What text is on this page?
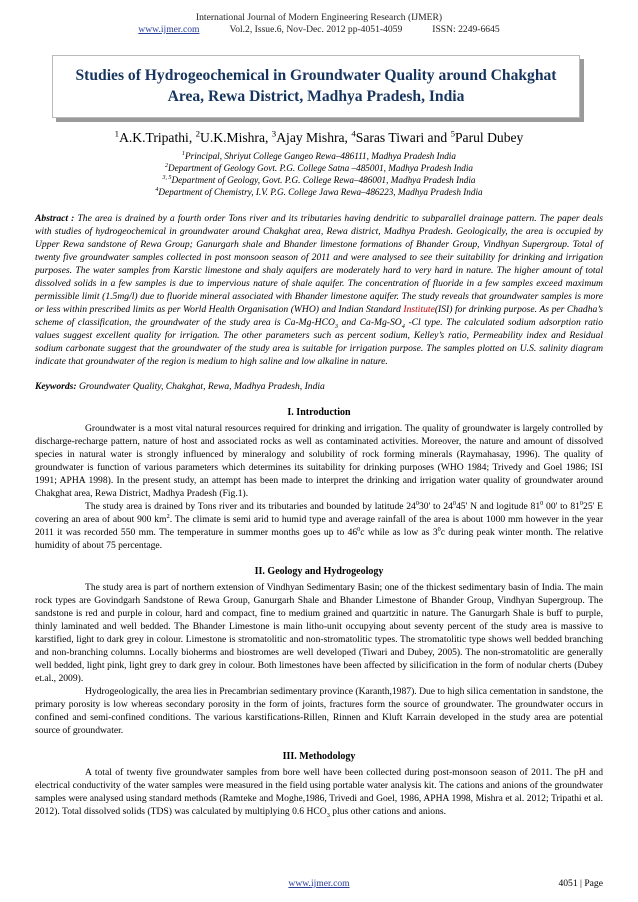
International Journal of Modern Engineering Research (IJMER)
www.ijmer.com	Vol.2, Issue.6, Nov-Dec. 2012 pp-4051-4059	ISSN: 2249-6645
Studies of Hydrogeochemical in Groundwater Quality around Chakghat
Area, Rewa District, Madhya Pradesh, India
$^1$A.K.Tripathi, $^2$U.K.Mishra, $^3$Ajay Mishra, $^4$Saras Tiwari and $^5$Parul Dubey
$^1$Principal, Shriyut College Gangeo Rewa–486111, Madhya Pradesh India
$^2$Department of Geology Govt. P.G. College Satna –485001, Madhya Pradesh India
$^{3, 5}$Department of Geology, Govt. P.G. College Rewa–486001, Madhya Pradesh India
$^4$Department of Chemistry, I.V. P.G. College Jawa Rewa–486223, Madhya Pradesh India

Abstract : The area is drained by a fourth order Tons river and its tributaries having dendritic to subparallel drainage pattern. The paper deals with studies of hydrogeochemical in groundwater around Chakghat area, Rewa district, Madhya Pradesh. Geologically, the area is occupied by Upper Rewa sandstone of Rewa Group; Ganurgarh shale and Bhander limestone formations of Bhander Group, Vindhyan Supergroup. Total of twenty five groundwater samples collected in post monsoon season of 2011 and were analysed to see their suitability for drinking and irrigation purposes. The water samples from Karstic limestone and shaly aquifers are moderately hard to very hard in nature. The higher amount of total dissolved solids in a few samples is due to impervious nature of shale aquifer. The concentration of fluoride in a few samples exceed maximum permissible limit (1.5mg/l) due to fluoride mineral associated with Bhander limestone aquifer. The study reveals that groundwater samples is more or less within prescribed limits as per World Health Organisation (WHO) and Indian Standard Institute(ISI) for drinking purpose. As per Chadha’s scheme of classification, the groundwater of the study area is $Ca-Mg-HCO_3$ and $Ca-Mg-SO_4$ -Cl type. The calculated sodium adsorption ratio values suggest excellent quality for irrigation. The other parameters such as percent sodium, Kelley’s ratio, Permeability index and Residual sodium carbonate suggest that the groundwater of the study area is suitable for irrigation purpose. The samples plotted on U.S. salinity diagram indicate that groundwater of the region is medium to high saline and low alkaline in nature.

Keywords: Groundwater Quality, Chakghat, Rewa, Madhya Pradesh, India

I. Introduction

Groundwater is a most vital natural resources required for drinking and irrigation. The quality of groundwater is largely controlled by discharge-recharge pattern, nature of host and associated rocks as well as contaminated activities. Moreover, the nature and amount of dissolved species in natural water is strongly influenced by mineralogy and solubility of rock forming minerals (Raymahasay, 1996). The quality of groundwater is function of various parameters which determines its suitability for drinking purposes (WHO 1984; Trivedy and Goel 1986; ISI 1991; APHA 1998). In the present study, an attempt has been made to interpret the drinking and irrigation water quality of groundwater around Chakghat area, Rewa District, Madhya Pradesh (Fig.1).

The study area is drained by Tons river and its tributaries and bounded by latitude $24^030'$ to $24^045'$ N and logitude $81^0$ 00' to $81^025'$ E covering an area of about 900 $km^2$. The climate is semi arid to humid type and average rainfall of the area is about 1000 mm however in the year 2011 it was recorded 550 mm. The temperature in summer months goes up to $46^0c$ while as low as $3^0c$ during peak winter month. The relative humidity of about 75 percentage.

II. Geology and Hydrogeology

The study area is part of northern extension of Vindhyan Sedimentary Basin; one of the thickest sedimentary basin of India. The main rock types are Govindgarh Sandstone of Rewa Group, Ganurgarh Shale and Bhander Limestone of Bhander Group, Vindhyan Supergroup. The sandstone is red and purple in colour, hard and compact, fine to medium grained and quartzitic in nature. The Ganurgarh Shale is buff to purple, thinly laminated and well bedded. The Bhander Limestone is main litho-unit occupying about seventy percent of the study area is massive to karstified, light to dark grey in colour. Limestone is stromatolitic and non-stromatolitic types. The stromatolitic type shows well bedded branching and non-branching columns. Locally bioherms and biostromes are well developed (Tiwari and Dubey, 2005). The non-stromatolitic are generally well bedded, light pink, light grey to dark grey in colour. Both limestones have been affected by silicification in the form of nodular cherts (Dubey et.al., 2009).

Hydrogeologically, the area lies in Precambrian sedimentary province (Karanth,1987). Due to high silica cementation in sandstone, the primary porosity is low whereas secondary porosity in the form of joints, fractures form the source of groundwater. The groundwater occurs in confined and semi-confined conditions. The various karstifications-Rillen, Rinnen and Kluft Karrain developed in the study area are potential source of groundwater.

III. Methodology

A total of twenty five groundwater samples from bore well have been collected during post-monsoon season of 2011. The pH and electrical conductivity of the water samples were measured in the field using portable water analysis kit. The cations and anions of the groundwater samples were analysed using standard methods (Ramteke and Moghe,1986, Trivedi and Goel, 1986, APHA 1998, Mishra et al. 2012; Tripathi et al. 2012). Total dissolved solids (TDS) was calculated by multiplying 0.6 $HCO_3$ plus other cations and anions.

www.ijmer.com	4051 | Page
